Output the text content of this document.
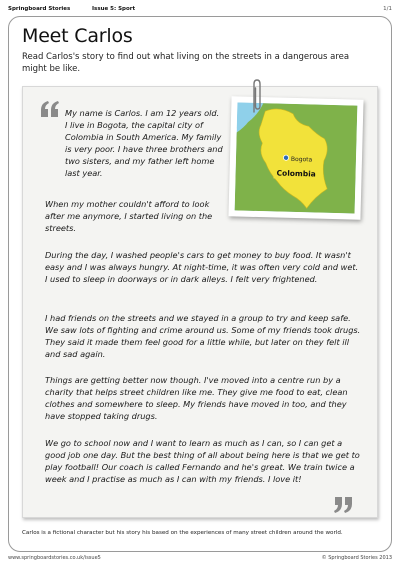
Springboard Stories	Issue 5: Sport	1/1
Meet Carlos

Read Carlos's story to find out what living on the streets in a dangerous area might be like.

My name is Carlos. I am 12 years old. I live in Bogota, the capital city of Colombia in South America. My family is very poor. I have three brothers and two sisters, and my father left home last year.

When my mother couldn't afford to look after me anymore, I started living on the streets.

During the day, I washed people's cars to get money to buy food. It wasn't easy and I was always hungry. At night-time, it was often very cold and wet. I used to sleep in doorways or in dark alleys. I felt very frightened.

I had friends on the streets and we stayed in a group to try and keep safe. We saw lots of fighting and crime around us. Some of my friends took drugs. They said it made them feel good for a little while, but later on they felt ill and sad again.

Things are getting better now though. I've moved into a centre run by a charity that helps street children like me. They give me food to eat, clean clothes and somewhere to sleep. My friends have moved in too, and they have stopped taking drugs.

We go to school now and I want to learn as much as I can, so I can get a good job one day. But the best thing of all about being here is that we get to play football! Our coach is called Fernando and he's great. We train twice a week and I practise as much as I can with my friends. I love it!

Bogota
Colombia

Carlos is a fictional character but his story his based on the experiences of many street children around the world.

www.springboardstories.co.uk/issue5	© Springboard Stories 2013
